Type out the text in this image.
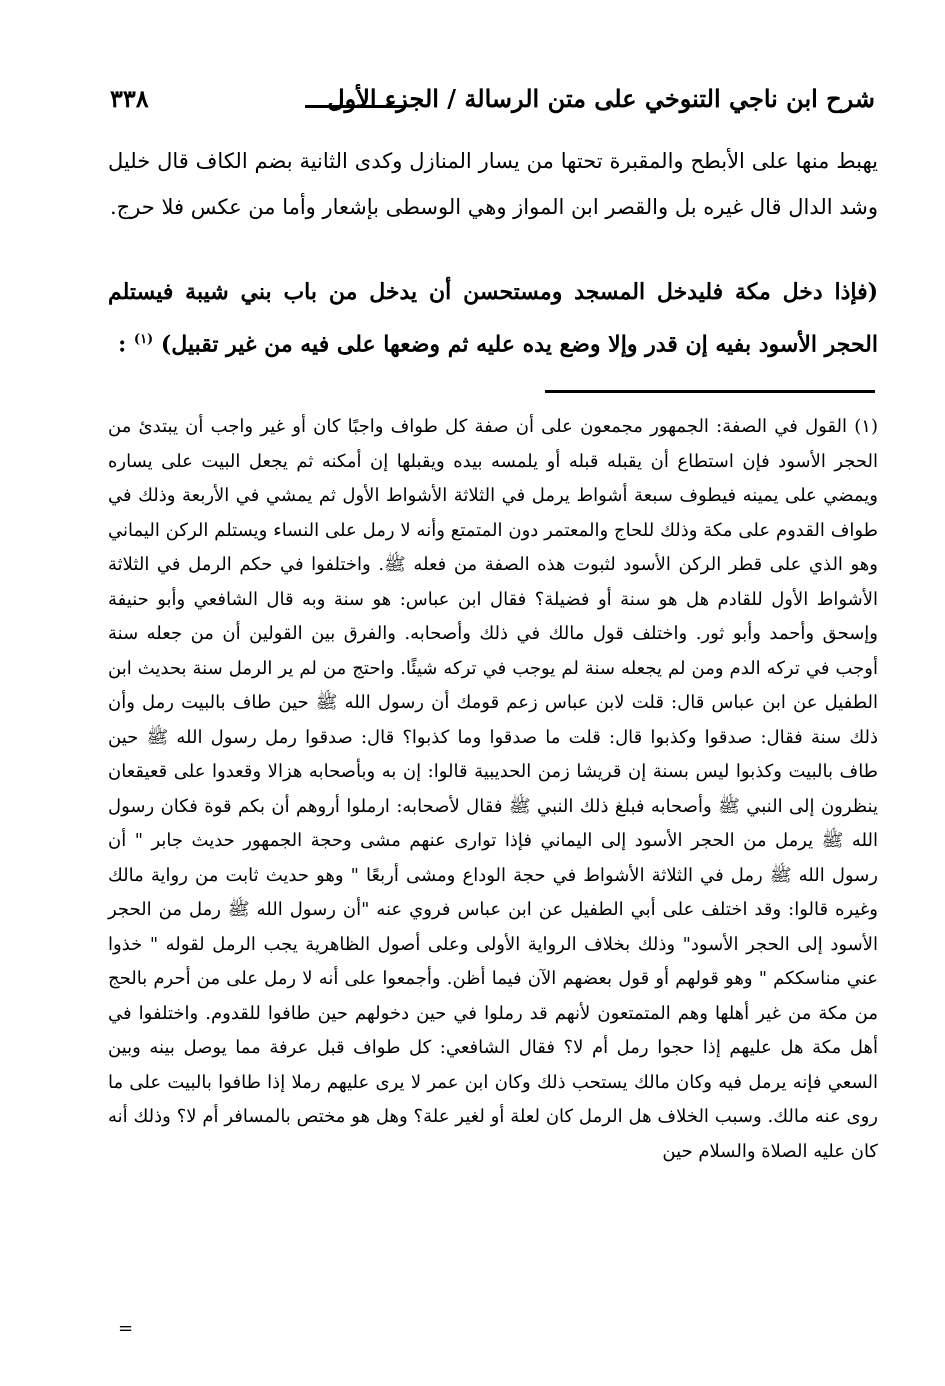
شرح ابن ناجي التنوخي على متن الرسالة / الجزء الأول
٣٣٨

يهبط منها على الأبطح والمقبرة تحتها من يسار المنازل وكدى الثانية بضم الكاف قال خليل وشد الدال قال غيره بل والقصر ابن المواز وهي الوسطى بإشعار وأما من عكس فلا حرج.

(فإذا دخل مكة فليدخل المسجد ومستحسن أن يدخل من باب بني شيبة فيستلم الحجر الأسود بفيه إن قدر وإلا وضع يده عليه ثم وضعها على فيه من غير تقبيل) $^{(١)}$ :
(١) القول في الصفة: الجمهور مجمعون على أن صفة كل طواف واجبًا كان أو غير واجب أن يبتدئ من الحجر الأسود فإن استطاع أن يقبله قبله أو يلمسه بيده ويقبلها إن أمكنه ثم يجعل البيت على يساره ويمضي على يمينه فيطوف سبعة أشواط يرمل في الثلاثة الأشواط الأول ثم يمشي في الأربعة وذلك في طواف القدوم على مكة وذلك للحاج والمعتمر دون المتمتع وأنه لا رمل على النساء ويستلم الركن اليماني وهو الذي على قطر الركن الأسود لثبوت هذه الصفة من فعله ﷺ. واختلفوا في حكم الرمل في الثلاثة الأشواط الأول للقادم هل هو سنة أو فضيلة؟ فقال ابن عباس: هو سنة وبه قال الشافعي وأبو حنيفة وإسحق وأحمد وأبو ثور. واختلف قول مالك في ذلك وأصحابه. والفرق بين القولين أن من جعله سنة أوجب في تركه الدم ومن لم يجعله سنة لم يوجب في تركه شيئًا. واحتج من لم ير الرمل سنة بحديث ابن الطفيل عن ابن عباس قال: قلت لابن عباس زعم قومك أن رسول الله ﷺ حين طاف بالبيت رمل وأن ذلك سنة فقال: صدقوا وكذبوا قال: قلت ما صدقوا وما كذبوا؟ قال: صدقوا رمل رسول الله ﷺ حين طاف بالبيت وكذبوا ليس بسنة إن قريشا زمن الحديبية قالوا: إن به وبأصحابه هزالا وقعدوا على قعيقعان ينظرون إلى النبي ﷺ وأصحابه فبلغ ذلك النبي ﷺ فقال لأصحابه: ارملوا أروهم أن بكم قوة فكان رسول الله ﷺ يرمل من الحجر الأسود إلى اليماني فإذا توارى عنهم مشى وحجة الجمهور حديث جابر " أن رسول الله ﷺ رمل في الثلاثة الأشواط في حجة الوداع ومشى أربعًا " وهو حديث ثابت من رواية مالك وغيره قالوا: وقد اختلف على أبي الطفيل عن ابن عباس فروي عنه "أن رسول الله ﷺ رمل من الحجر الأسود إلى الحجر الأسود" وذلك بخلاف الرواية الأولى وعلى أصول الظاهرية يجب الرمل لقوله " خذوا عني مناسككم " وهو قولهم أو قول بعضهم الآن فيما أظن. وأجمعوا على أنه لا رمل على من أحرم بالحج من مكة من غير أهلها وهم المتمتعون لأنهم قد رملوا في حين دخولهم حين طافوا للقدوم. واختلفوا في أهل مكة هل عليهم إذا حجوا رمل أم لا؟ فقال الشافعي: كل طواف قبل عرفة مما يوصل بينه وبين السعي فإنه يرمل فيه وكان مالك يستحب ذلك وكان ابن عمر لا يرى عليهم رملا إذا طافوا بالبيت على ما روى عنه مالك. وسبب الخلاف هل الرمل كان لعلة أو لغير علة؟ وهل هو مختص بالمسافر أم لا؟ وذلك أنه كان عليه الصلاة والسلام حين
=
